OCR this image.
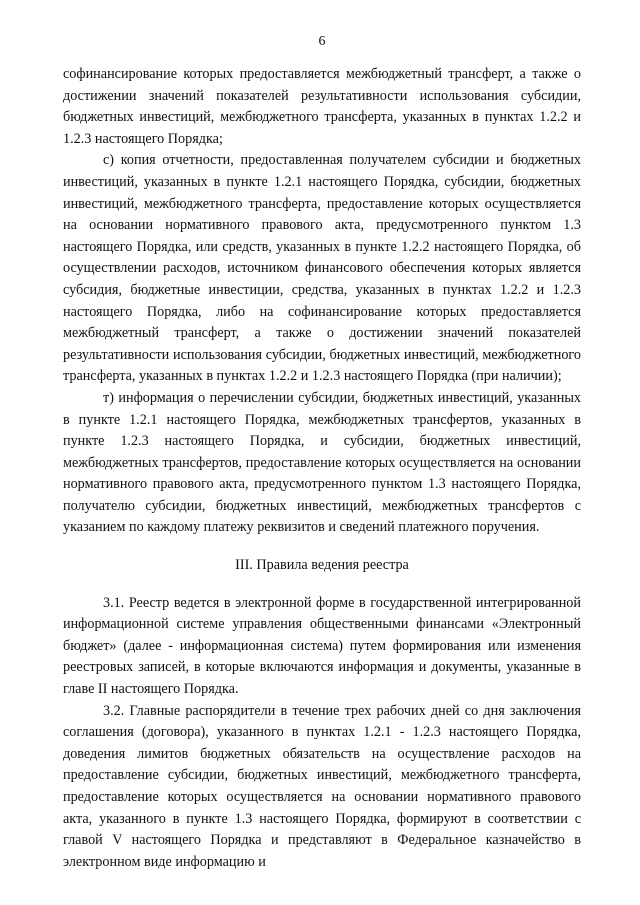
6

софинансирование которых предоставляется межбюджетный трансферт, а также о достижении значений показателей результативности использования субсидии, бюджетных инвестиций, межбюджетного трансферта, указанных в пунктах 1.2.2 и 1.2.3 настоящего Порядка;

с) копия отчетности, предоставленная получателем субсидии и бюджетных инвестиций, указанных в пункте 1.2.1 настоящего Порядка, субсидии, бюджетных инвестиций, межбюджетного трансферта, предоставление которых осуществляется на основании нормативного правового акта, предусмотренного пунктом 1.3 настоящего Порядка, или средств, указанных в пункте 1.2.2 настоящего Порядка, об осуществлении расходов, источником финансового обеспечения которых является субсидия, бюджетные инвестиции, средства, указанных в пунктах 1.2.2 и 1.2.3 настоящего Порядка, либо на софинансирование которых предоставляется межбюджетный трансферт, а также о достижении значений показателей результативности использования субсидии, бюджетных инвестиций, межбюджетного трансферта, указанных в пунктах 1.2.2 и 1.2.3 настоящего Порядка (при наличии);

т) информация о перечислении субсидии, бюджетных инвестиций, указанных в пункте 1.2.1 настоящего Порядка, межбюджетных трансфертов, указанных в пункте 1.2.3 настоящего Порядка, и субсидии, бюджетных инвестиций, межбюджетных трансфертов, предоставление которых осуществляется на основании нормативного правового акта, предусмотренного пунктом 1.3 настоящего Порядка, получателю субсидии, бюджетных инвестиций, межбюджетных трансфертов с указанием по каждому платежу реквизитов и сведений платежного поручения.

III. Правила ведения реестра

3.1. Реестр ведется в электронной форме в государственной интегрированной информационной системе управления общественными финансами «Электронный бюджет» (далее - информационная система) путем формирования или изменения реестровых записей, в которые включаются информация и документы, указанные в главе II настоящего Порядка.

3.2. Главные распорядители в течение трех рабочих дней со дня заключения соглашения (договора), указанного в пунктах 1.2.1 - 1.2.3 настоящего Порядка, доведения лимитов бюджетных обязательств на осуществление расходов на предоставление субсидии, бюджетных инвестиций, межбюджетного трансферта, предоставление которых осуществляется на основании нормативного правового акта, указанного в пункте 1.3 настоящего Порядка, формируют в соответствии с главой V настоящего Порядка и представляют в Федеральное казначейство в электронном виде информацию и
